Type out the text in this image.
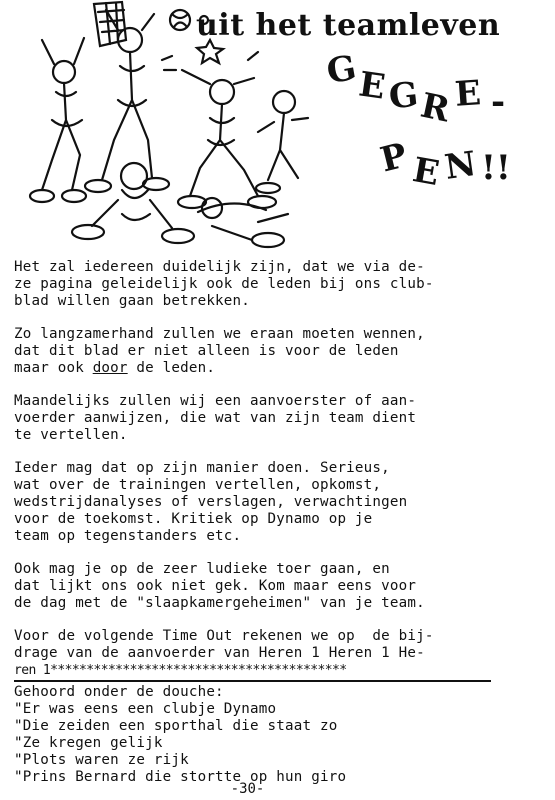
uit het teamleven
G
E G
R E -
P
E N !!
Het zal iedereen duidelijk zijn, dat we via de-
ze pagina geleidelijk ook de leden bij ons club-
blad willen gaan betrekken.
Zo langzamerhand zullen we eraan moeten wennen,
dat dit blad er niet alleen is voor de leden
maar ook door de leden.
Maandelijks zullen wij een aanvoerster of aan-
voerder aanwijzen, die wat van zijn team dient
te vertellen.
Ieder mag dat op zijn manier doen. Serieus,
wat over de trainingen vertellen, opkomst,
wedstrijdanalyses of verslagen, verwachtingen
voor de toekomst. Kritiek op Dynamo op je
team op tegenstanders etc.
Ook mag je op de zeer ludieke toer gaan, en
dat lijkt ons ook niet gek. Kom maar eens voor
de dag met de "slaapkamergeheimen" van je team.
Voor de volgende Time Out rekenen we op  de bij-
drage van de aanvoerder van Heren 1 Heren 1 He-
ren 1*****************************************
Gehoord onder de douche:
"Er was eens een clubje Dynamo
"Die zeiden een sporthal die staat zo
"Ze kregen gelijk
"Plots waren ze rijk
"Prins Bernard die stortte op hun giro
-30-
